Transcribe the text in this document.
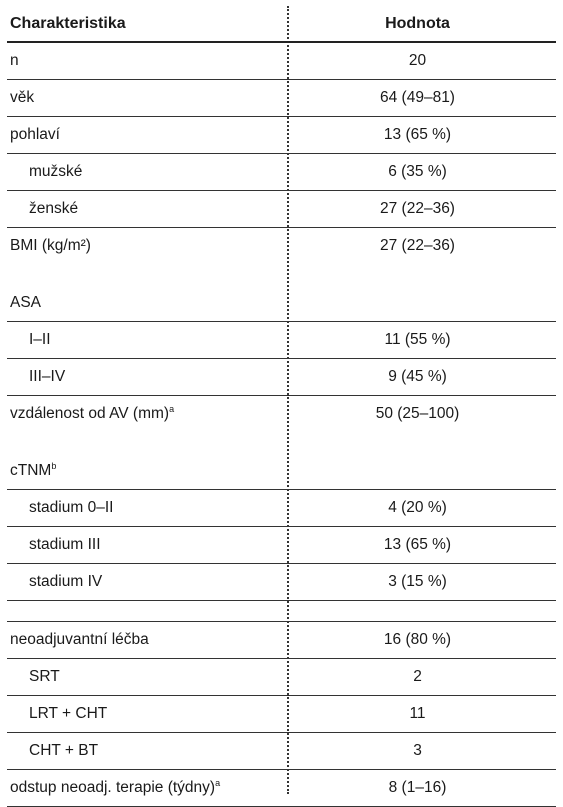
Charakteristika	Hodnota
n	20
věk	64 (49–81)
pohlaví	13 (65 %)
mužské	6 (35 %)
ženské	27 (22–36)
BMI (kg/m²)	27 (22–36)
ASA
I–II	11 (55 %)
III–IV	9 (45 %)
vzdálenost od AV (mm)$^a$	50 (25–100)
cTNM$^b$
stadium 0–II	4 (20 %)
stadium III	13 (65 %)
stadium IV	3 (15 %)
neoadjuvantní léčba	16 (80 %)
SRT	2
LRT + CHT	11
CHT + BT	3
odstup neoadj. terapie (týdny)$^a$	8 (1–16)
